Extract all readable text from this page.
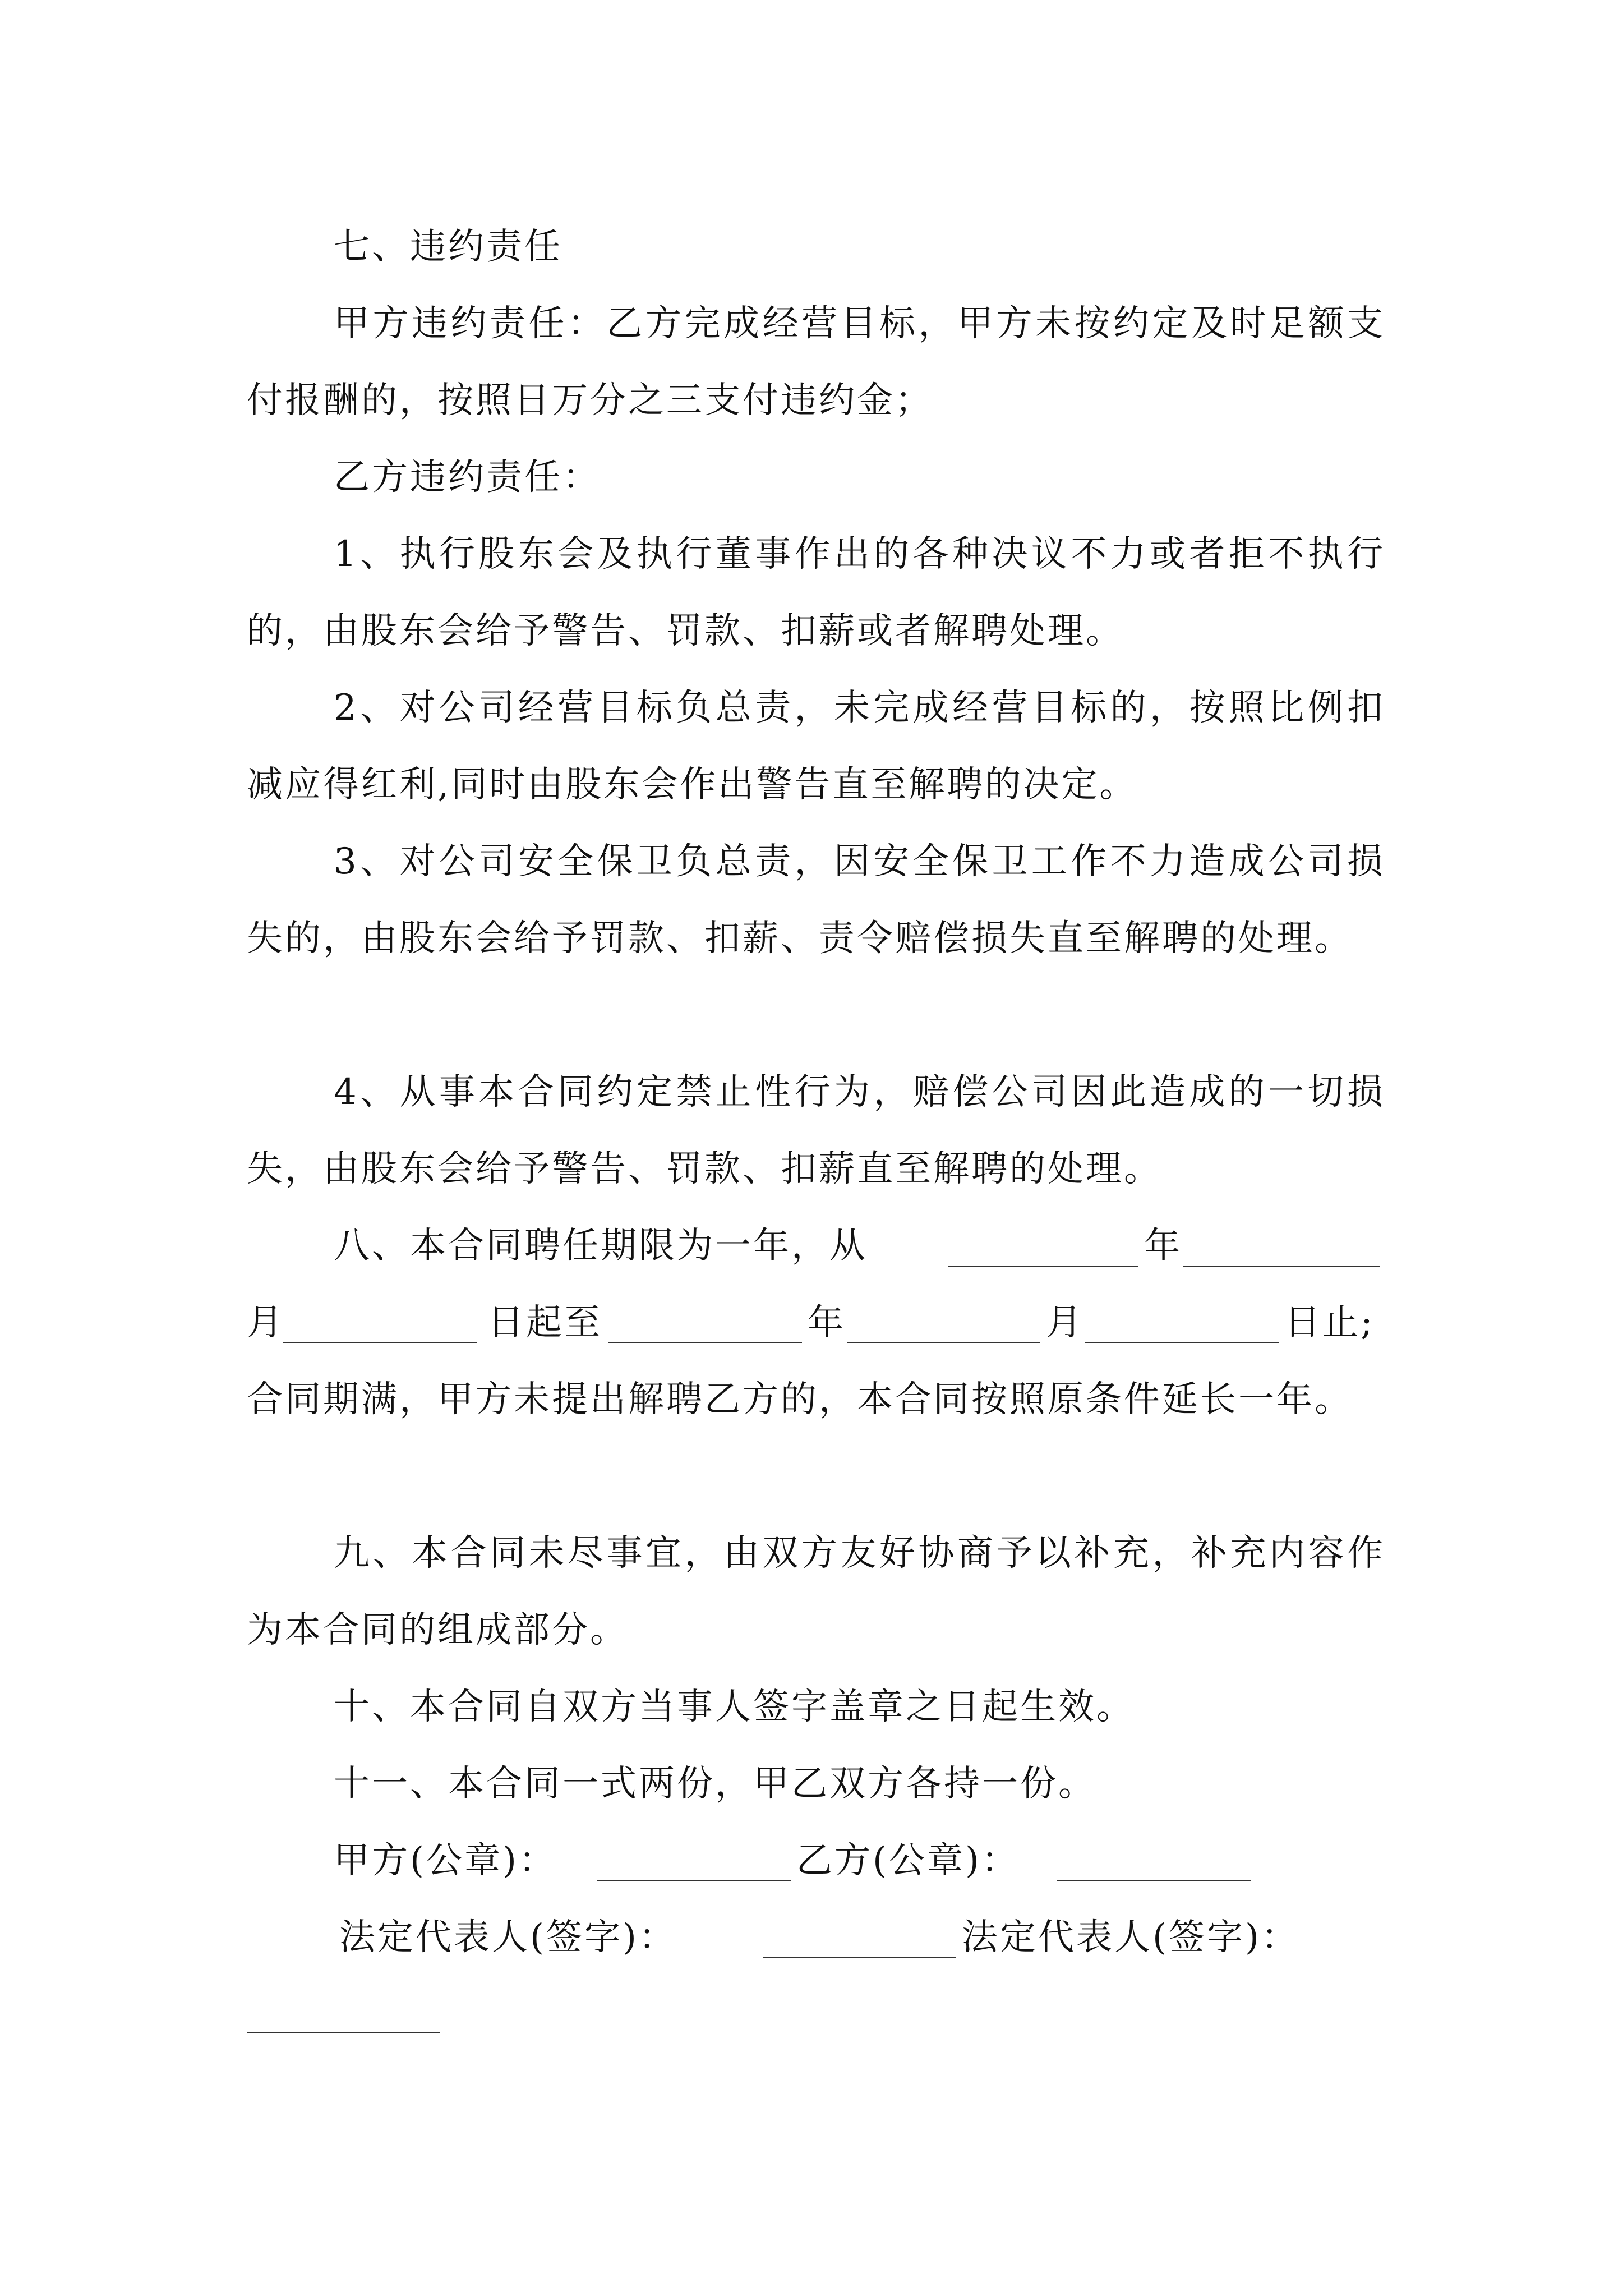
七、违约责任
甲方违约责任：乙方完成经营目标，甲方未按约定及时足额支付报酬的，按照日万分之三支付违约金；
乙方违约责任：
1、执行股东会及执行董事作出的各种决议不力或者拒不执行的，由股东会给予警告、罚款、扣薪或者解聘处理。
2、对公司经营目标负总责，未完成经营目标的，按照比例扣减应得红利,同时由股东会作出警告直至解聘的决定。
3、对公司安全保卫负总责，因安全保卫工作不力造成公司损失的，由股东会给予罚款、扣薪、责令赔偿损失直至解聘的处理。
4、从事本合同约定禁止性行为，赔偿公司因此造成的一切损失，由股东会给予警告、罚款、扣薪直至解聘的处理。
八、本合同聘任期限为一年，从	年
月	日起至	年	月	日止;
合同期满，甲方未提出解聘乙方的，本合同按照原条件延长一年。
九、本合同未尽事宜，由双方友好协商予以补充，补充内容作为本合同的组成部分。
十、本合同自双方当事人签字盖章之日起生效。
十一、本合同一式两份，甲乙双方各持一份。
甲方(公章)：	乙方(公章)：
法定代表人(签字)：	法定代表人(签字)：
